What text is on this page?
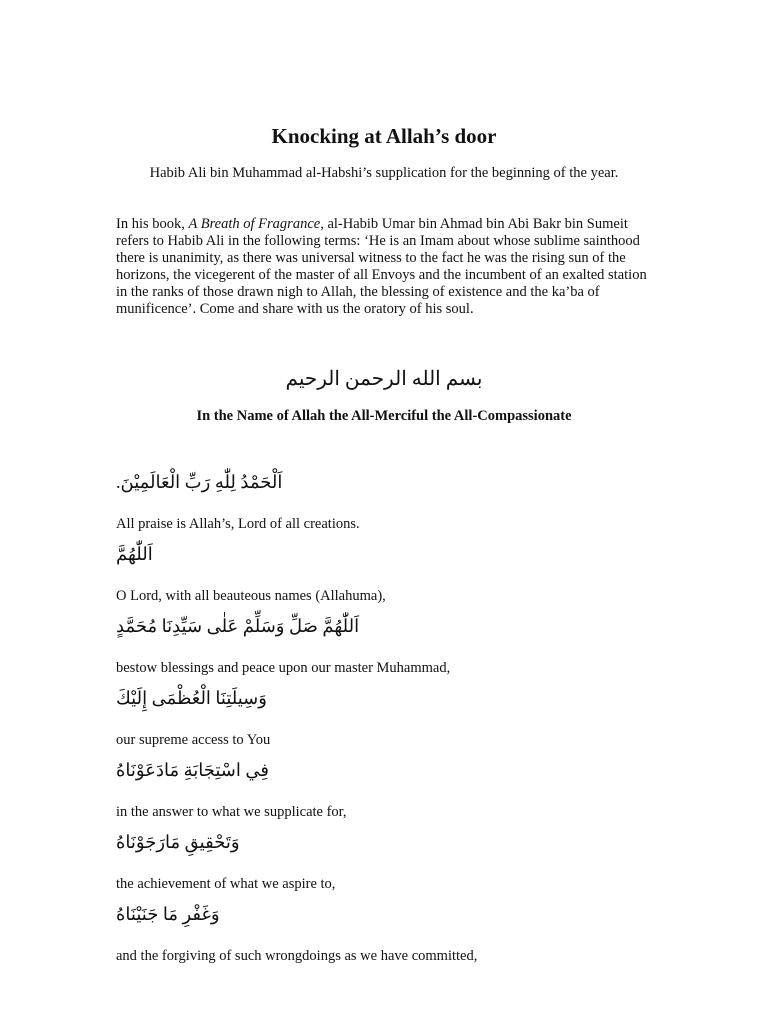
Knocking at Allah’s door

Habib Ali bin Muhammad al-Habshi’s supplication for the beginning of the year.

In his book, A Breath of Fragrance, al-Habib Umar bin Ahmad bin Abi Bakr bin Sumeit refers to Habib Ali in the following terms: ‘He is an Imam about whose sublime sainthood there is unanimity, as there was universal witness to the fact he was the rising sun of the horizons, the vicegerent of the master of all Envoys and the incumbent of an exalted station in the ranks of those drawn nigh to Allah, the blessing of existence and the ka’ba of munificence’. Come and share with us the oratory of his soul.

بسم الله الرحمن الرحيم

In the Name of Allah the All-Merciful the All-Compassionate

اَلْحَمْدُ لِلّٰهِ رَبِّ الْعَالَمِيْنَ.
All praise is Allah’s, Lord of all creations.
اَللّٰهُمَّ
O Lord, with all beauteous names (Allahuma),
اَللّٰهُمَّ صَلِّ وَسَلِّمْ عَلٰى سَيِّدِنَا مُحَمَّدٍ
bestow blessings and peace upon our master Muhammad,
وَسِيلَتِنَا الْعُظْمَى إِلَيْكَ
our supreme access to You
فِي اسْتِجَابَةِ مَادَعَوْنَاهُ
in the answer to what we supplicate for,
وَتَحْقِيقِ مَارَجَوْنَاهُ
the achievement of what we aspire to,
وَغَفْرِ مَا جَنَيْنَاهُ
and the forgiving of such wrongdoings as we have committed,
